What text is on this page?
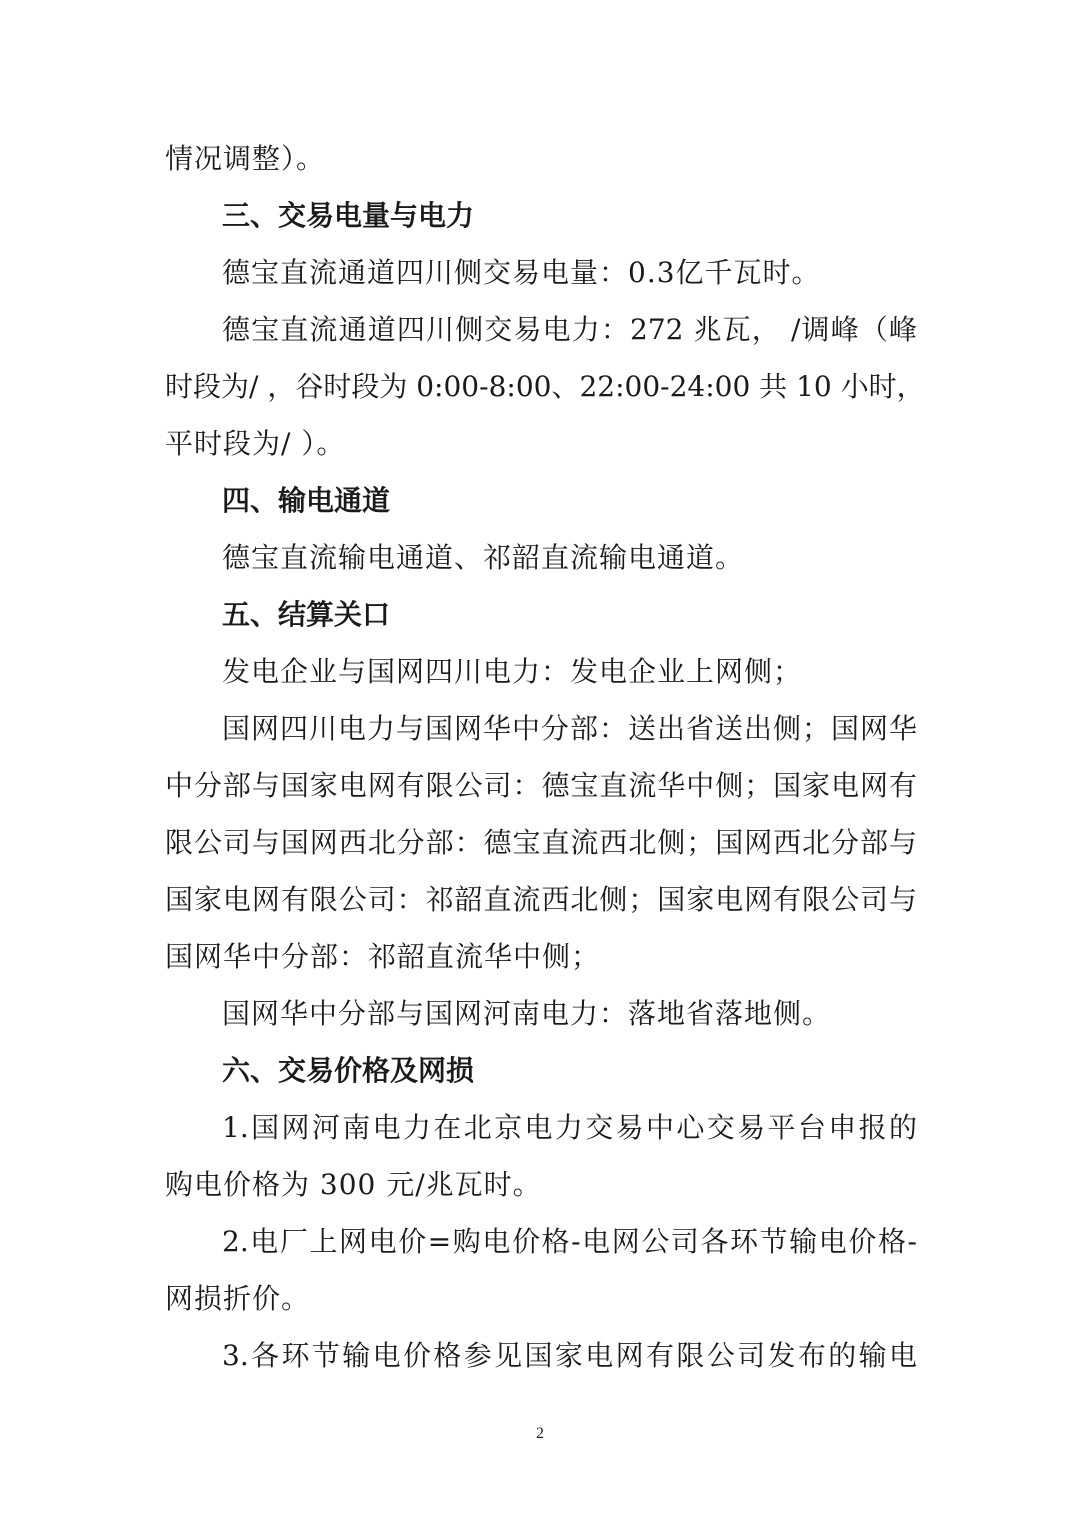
情况调整）。

三、交易电量与电力

德宝直流通道四川侧交易电量：0.3亿千瓦时。

德宝直流通道四川侧交易电力：272 兆瓦， /调峰（峰

时段为/ ，谷时段为 0:00-8:00、22:00-24:00 共 10 小时，

平时段为/ ）。

四、输电通道

德宝直流输电通道、祁韶直流输电通道。

五、结算关口

发电企业与国网四川电力：发电企业上网侧；

国网四川电力与国网华中分部：送出省送出侧；国网华

中分部与国家电网有限公司：德宝直流华中侧；国家电网有

限公司与国网西北分部：德宝直流西北侧；国网西北分部与

国家电网有限公司：祁韶直流西北侧；国家电网有限公司与

国网华中分部：祁韶直流华中侧；

国网华中分部与国网河南电力：落地省落地侧。

六、交易价格及网损

1.国网河南电力在北京电力交易中心交易平台申报的

购电价格为 300 元/兆瓦时。

2.电厂上网电价=购电价格-电网公司各环节输电价格-

网损折价。

3.各环节输电价格参见国家电网有限公司发布的输电

2
